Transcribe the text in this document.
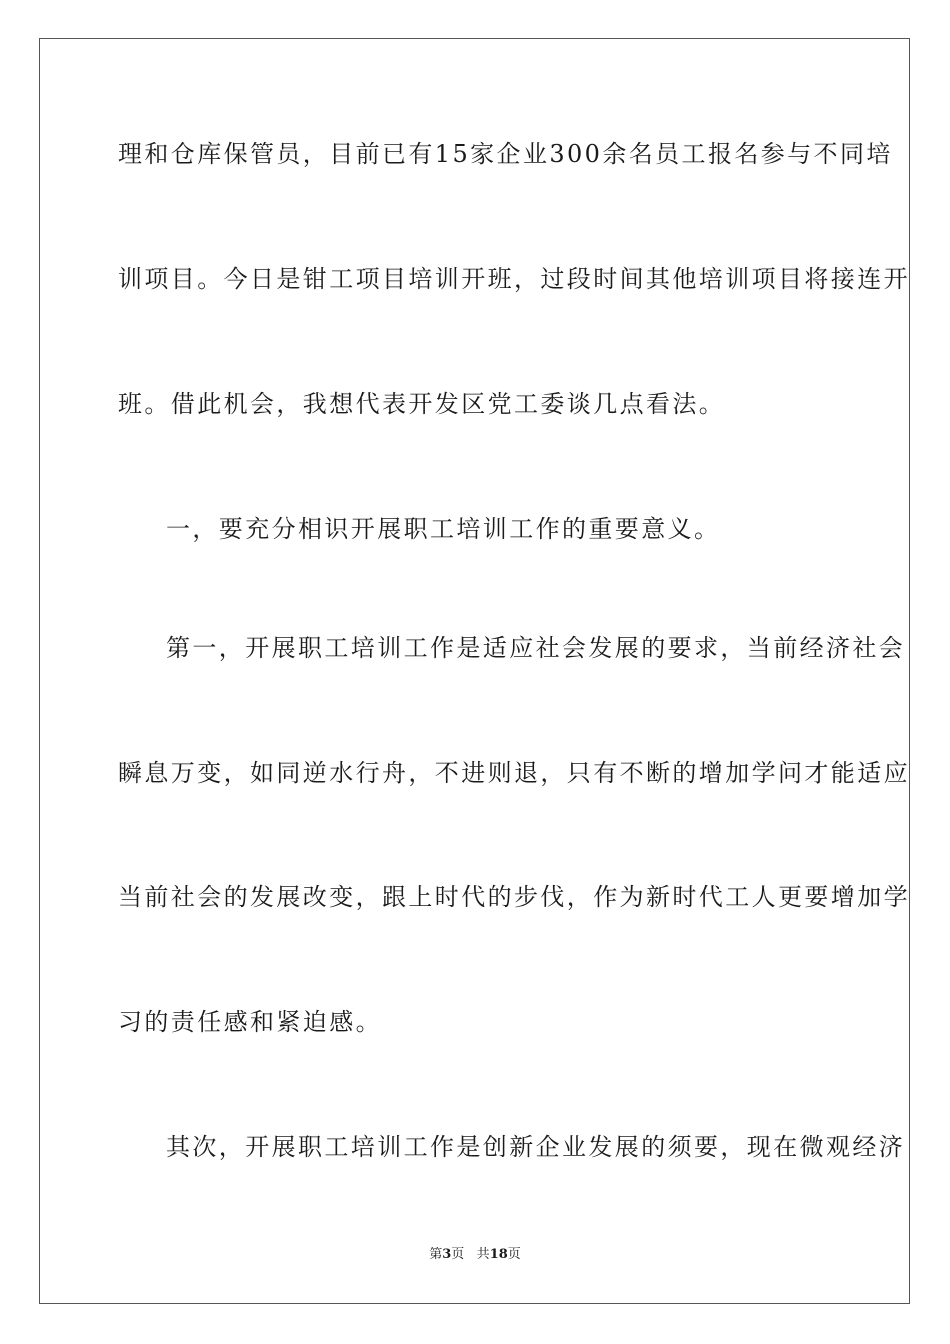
理和仓库保管员，目前已有15家企业300余名员工报名参与不同培
训项目。今日是钳工项目培训开班，过段时间其他培训项目将接连开
班。借此机会，我想代表开发区党工委谈几点看法。
一，要充分相识开展职工培训工作的重要意义。
第一，开展职工培训工作是适应社会发展的要求，当前经济社会
瞬息万变，如同逆水行舟，不进则退，只有不断的增加学问才能适应
当前社会的发展改变，跟上时代的步伐，作为新时代工人更要增加学
习的责任感和紧迫感。
其次，开展职工培训工作是创新企业发展的须要，现在微观经济
第3页 共18页
